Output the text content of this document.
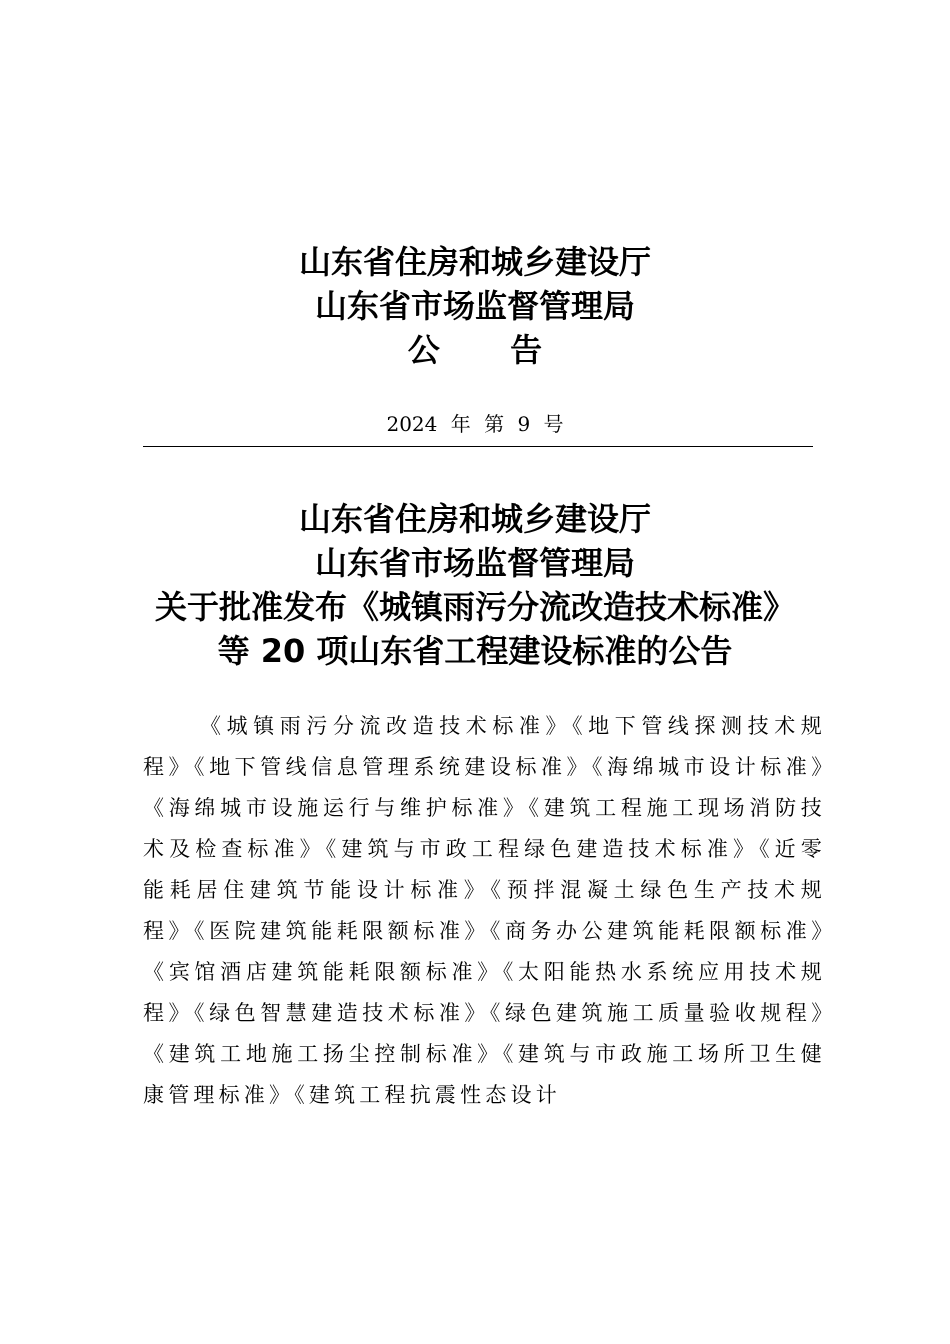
山东省住房和城乡建设厅
山东省市场监督管理局
公告
2024 年 第 9 号
山东省住房和城乡建设厅
山东省市场监督管理局
关于批准发布《城镇雨污分流改造技术标准》
等 20 项山东省工程建设标准的公告
《城镇雨污分流改造技术标准》《地下管线探测技术规程》《地下管线信息管理系统建设标准》《海绵城市设计标准》《海绵城市设施运行与维护标准》《建筑工程施工现场消防技术及检查标准》《建筑与市政工程绿色建造技术标准》《近零能耗居住建筑节能设计标准》《预拌混凝土绿色生产技术规程》《医院建筑能耗限额标准》《商务办公建筑能耗限额标准》《宾馆酒店建筑能耗限额标准》《太阳能热水系统应用技术规程》《绿色智慧建造技术标准》《绿色建筑施工质量验收规程》《建筑工地施工扬尘控制标准》《建筑与市政施工场所卫生健康管理标准》《建筑工程抗震性态设计
